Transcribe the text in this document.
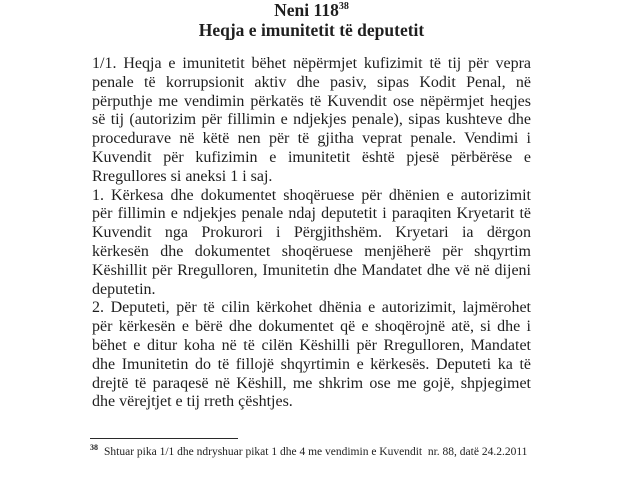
Neni $118^{38}$
Heqja e imunitetit të deputetit
1/1. Heqja e imunitetit bëhet nëpërmjet kufizimit të tij për vepra
penale të korrupsionit aktiv dhe pasiv, sipas Kodit Penal, në
përputhje me vendimin përkatës të Kuvendit ose nëpërmjet heqjes
së tij (autorizim për fillimin e ndjekjes penale), sipas kushteve dhe
procedurave në këtë nen për të gjitha veprat penale. Vendimi i
Kuvendit për kufizimin e imunitetit është pjesë përbërëse e
Rregullores si aneksi 1 i saj.
1. Kërkesa dhe dokumentet shoqëruese për dhënien e autorizimit
për fillimin e ndjekjes penale ndaj deputetit i paraqiten Kryetarit të
Kuvendit nga Prokurori i Përgjithshëm. Kryetari ia dërgon
kërkesën dhe dokumentet shoqëruese menjëherë për shqyrtim
Këshillit për Rregulloren, Imunitetin dhe Mandatet dhe vë në dijeni
deputetin.
2. Deputeti, për të cilin kërkohet dhënia e autorizimit, lajmërohet
për kërkesën e bërë dhe dokumentet që e shoqërojnë atë, si dhe i
bëhet e ditur koha në të cilën Këshilli për Rregulloren, Mandatet
dhe Imunitetin do të fillojë shqyrtimin e kërkesës. Deputeti ka të
drejtë të paraqesë në Këshill, me shkrim ose me gojë, shpjegimet
dhe vërejtjet e tij rreth çështjes.
$^{38}$ Shtuar pika 1/1 dhe ndryshuar pikat 1 dhe 4 me vendimin e Kuvendit  nr. 88, datë 24.2.2011
